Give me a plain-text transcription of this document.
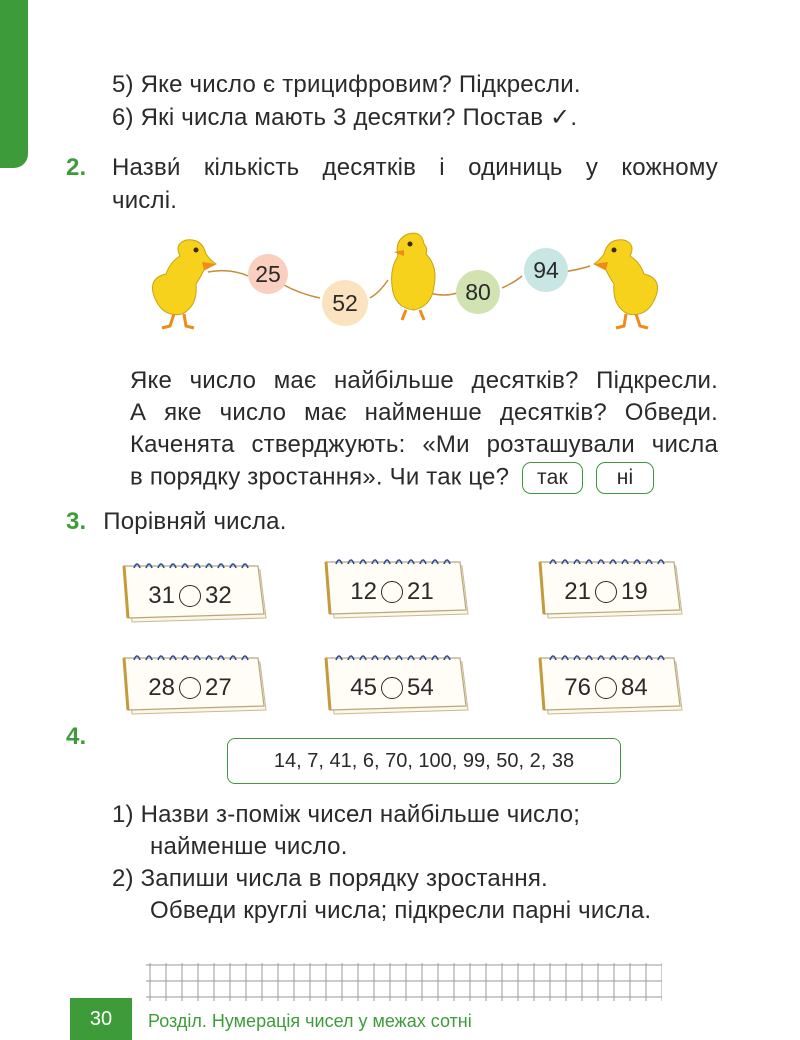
5) Яке число є трицифровим? Підкресли.
6) Які числа мають 3 десятки? Постав ✓.
2. Назви́ кількість десятків і одиниць у кожному
числі.
25
52	80
94
Яке число має найбільше десятків? Підкресли.
А яке число має найменше десятків? Обведи.
Каченята стверджують: «Ми розташували числа
в порядку зростання». Чи так це? так ні
3. Порівняй числа.
31 32	12 21	21 19
28 27	45 54	76 84
4.
14, 7, 41, 6, 70, 100, 99, 50, 2, 38
1) Назви з-поміж чисел найбільше число;
найменше число.
2) Запиши числа в порядку зростання.
Обведи круглі числа; підкресли парні числа.
30 Розділ. Нумерація чисел у межах сотні
